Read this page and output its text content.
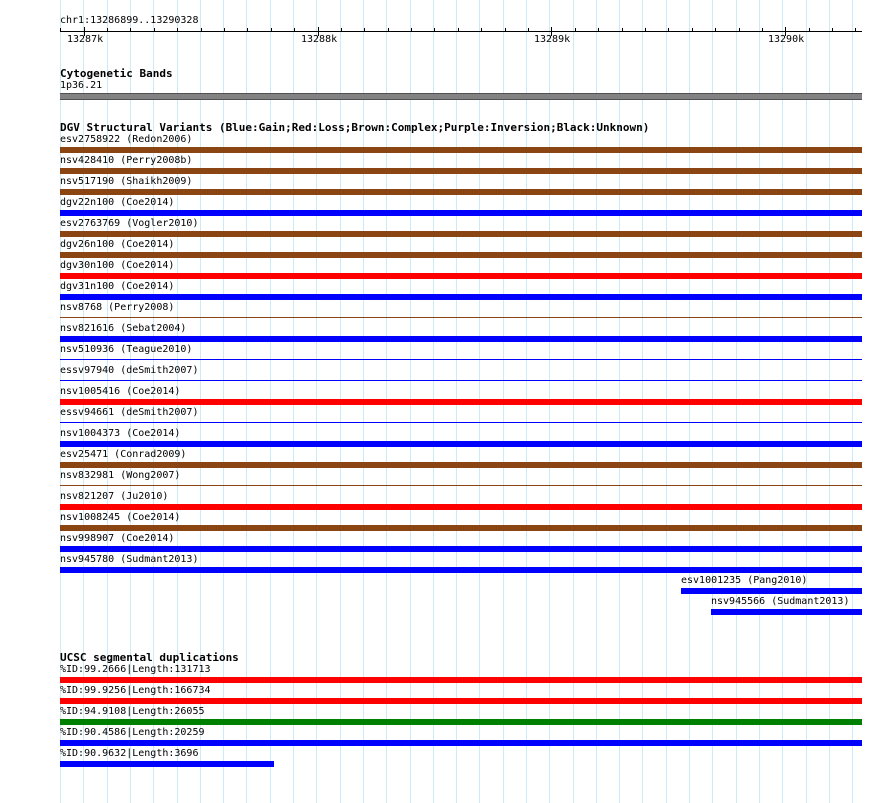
chr1:13286899..13290328
13287k	13288k	13289k	13290k
Cytogenetic Bands
1p36.21
DGV Structural Variants (Blue:Gain;Red:Loss;Brown:Complex;Purple:Inversion;Black:Unknown)
esv2758922 (Redon2006)
nsv428410 (Perry2008b)
nsv517190 (Shaikh2009)
dgv22n100 (Coe2014)
esv2763769 (Vogler2010)
dgv26n100 (Coe2014)
dgv30n100 (Coe2014)
dgv31n100 (Coe2014)
nsv8768 (Perry2008)
nsv821616 (Sebat2004)
nsv510936 (Teague2010)
essv97940 (deSmith2007)
nsv1005416 (Coe2014)
essv94661 (deSmith2007)
nsv1004373 (Coe2014)
esv25471 (Conrad2009)
nsv832981 (Wong2007)
nsv821207 (Ju2010)
nsv1008245 (Coe2014)
nsv998907 (Coe2014)
nsv945780 (Sudmant2013)
esv1001235 (Pang2010)
nsv945566 (Sudmant2013)
UCSC segmental duplications
%ID:99.2666|Length:131713
%ID:99.9256|Length:166734
%ID:94.9108|Length:26055
%ID:90.4586|Length:20259
%ID:90.9632|Length:3696
